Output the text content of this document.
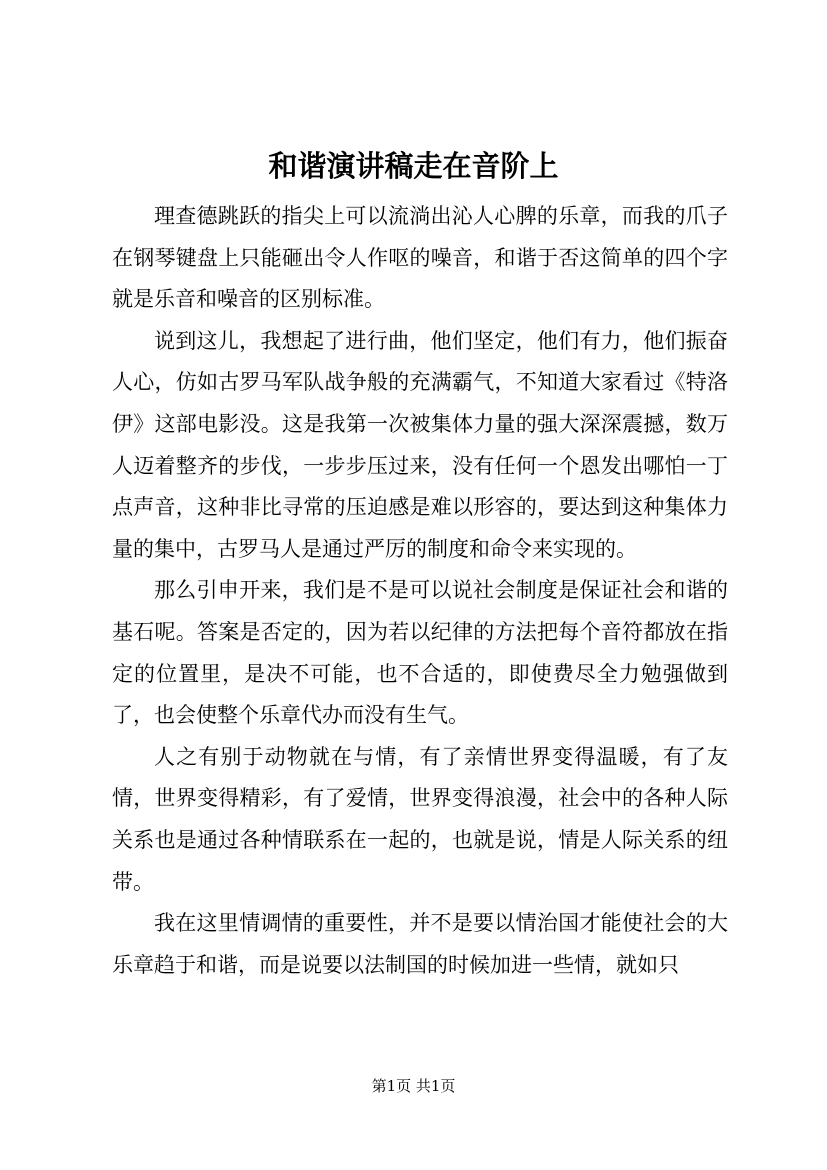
和谐演讲稿走在音阶上

理查德跳跃的指尖上可以流淌出沁人心脾的乐章，而我的爪子在钢琴键盘上只能砸出令人作呕的噪音，和谐于否这简单的四个字就是乐音和噪音的区别标准。

说到这儿，我想起了进行曲，他们坚定，他们有力，他们振奋人心，仿如古罗马军队战争般的充满霸气，不知道大家看过《特洛伊》这部电影没。这是我第一次被集体力量的强大深深震撼，数万人迈着整齐的步伐，一步步压过来，没有任何一个恩发出哪怕一丁点声音，这种非比寻常的压迫感是难以形容的，要达到这种集体力量的集中，古罗马人是通过严厉的制度和命令来实现的。

那么引申开来，我们是不是可以说社会制度是保证社会和谐的基石呢。答案是否定的，因为若以纪律的方法把每个音符都放在指定的位置里，是决不可能，也不合适的，即使费尽全力勉强做到了，也会使整个乐章代办而没有生气。

人之有别于动物就在与情，有了亲情世界变得温暖，有了友情，世界变得精彩，有了爱情，世界变得浪漫，社会中的各种人际关系也是通过各种情联系在一起的，也就是说，情是人际关系的纽带。

我在这里情调情的重要性，并不是要以情治国才能使社会的大乐章趋于和谐，而是说要以法制国的时候加进一些情，就如只

第1页 共1页
